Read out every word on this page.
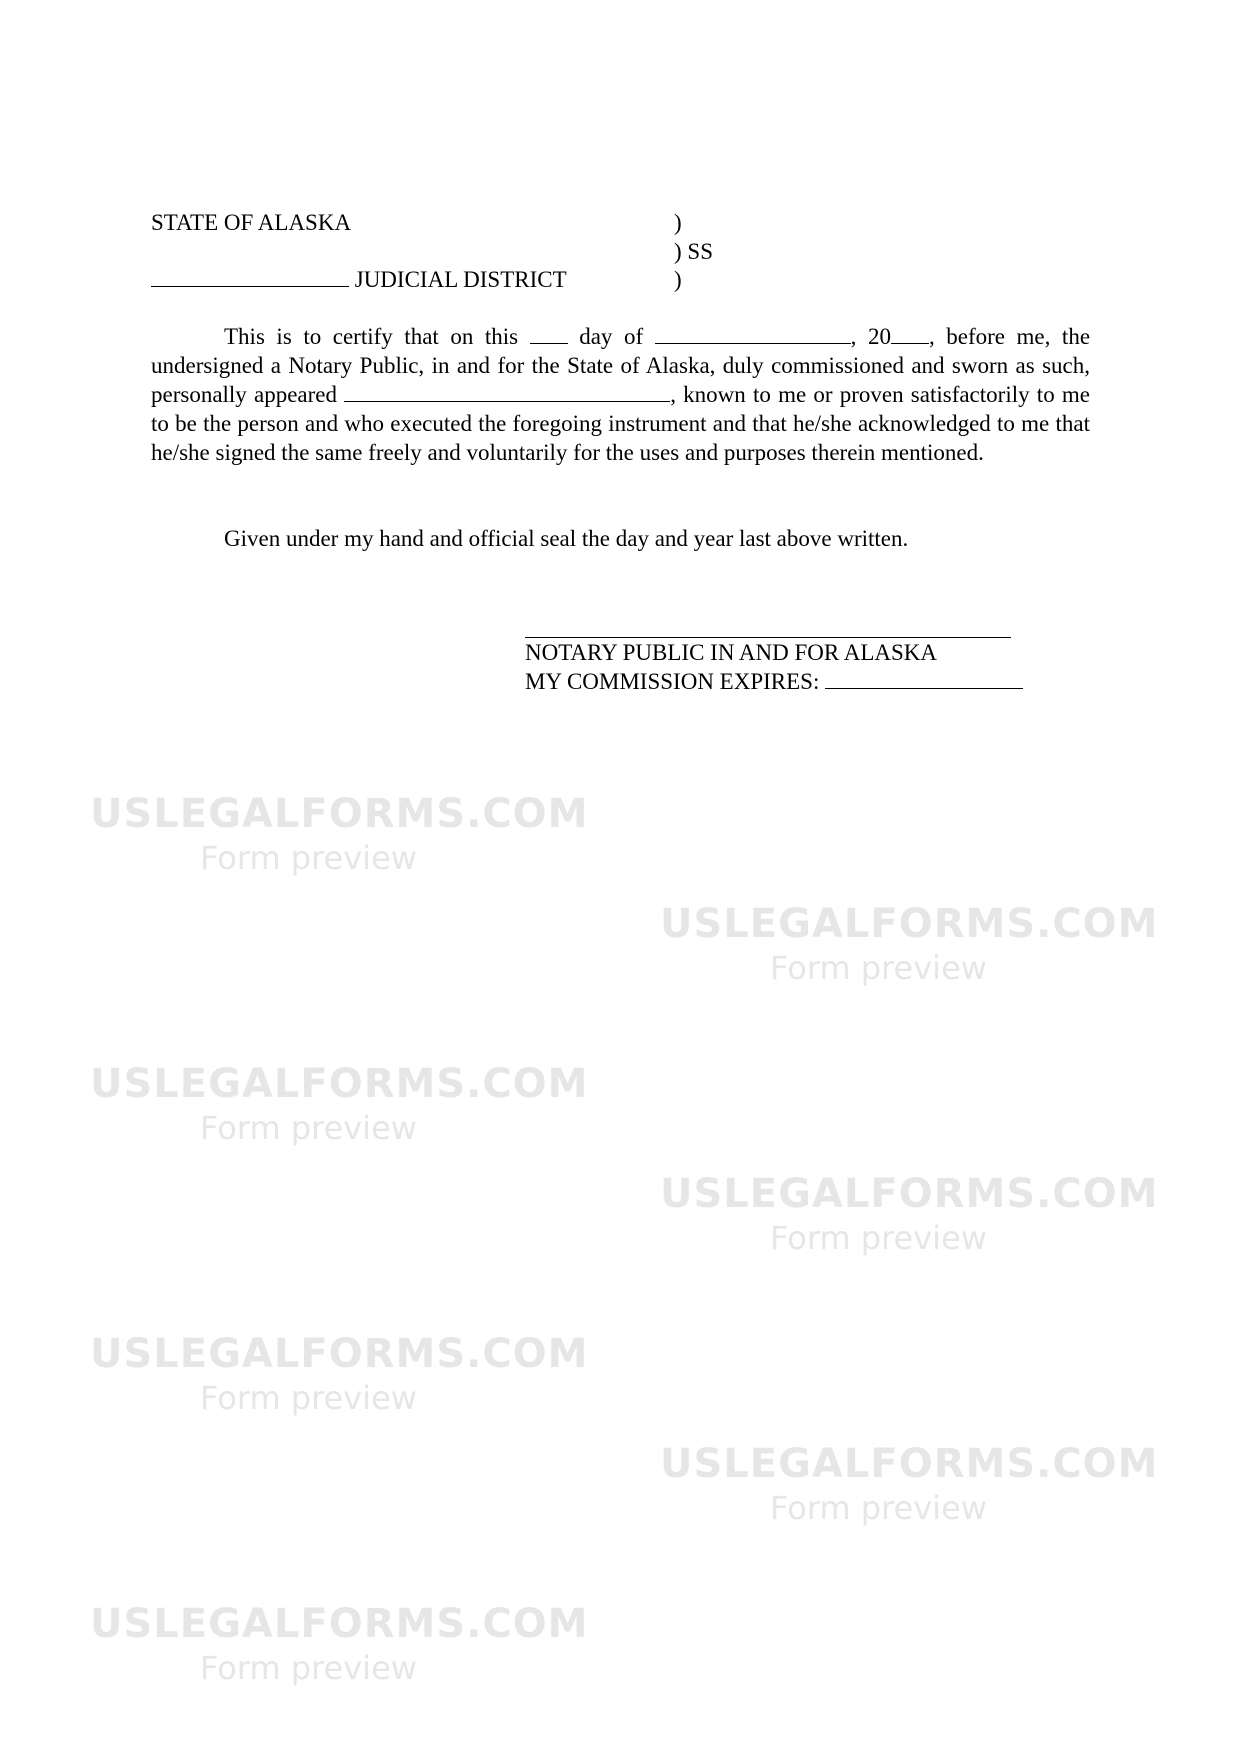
USLEGALFORMS.COM
Form preview
USLEGALFORMS.COM
Form preview
USLEGALFORMS.COM
Form preview
USLEGALFORMS.COM
Form preview
USLEGALFORMS.COM
Form preview
USLEGALFORMS.COM
Form preview
USLEGALFORMS.COM
Form preview
STATE OF ALASKA	)
) SS
)
JUDICIAL DISTRICT

This is to certify that on this	day of	, 20 , before me, the undersigned a Notary Public, in and for the State of Alaska, duly commissioned and sworn as such, personally appeared	, known to me or proven satisfactorily to me to be the person and who executed the foregoing instrument and that he/she acknowledged to me that he/she signed the same freely and voluntarily for the uses and purposes therein mentioned.

Given under my hand and official seal the day and year last above written.
NOTARY PUBLIC IN AND FOR ALASKA
MY COMMISSION EXPIRES:
